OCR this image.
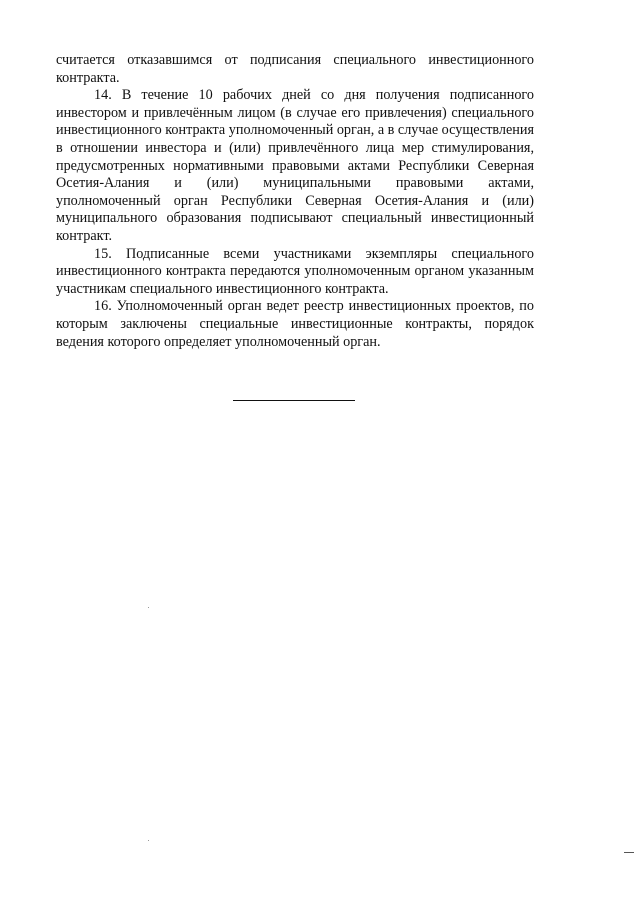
считается отказавшимся от подписания специального инвестиционного контракта.

14. В течение 10 рабочих дней со дня получения подписанного инвестором и привлечённым лицом (в случае его привлечения) специального инвестиционного контракта уполномоченный орган, а в случае осуществления в отношении инвестора и (или) привлечённого лица мер стимулирования, предусмотренных нормативными правовыми актами Республики Северная Осетия-Алания и (или) муниципальными правовыми актами, уполномоченный орган Республики Северная Осетия-Алания и (или) муниципального образования подписывают специальный инвестиционный контракт.

15. Подписанные всеми участниками экземпляры специального инвестиционного контракта передаются уполномоченным органом указанным участникам специального инвестиционного контракта.

16. Уполномоченный орган ведет реестр инвестиционных проектов, по которым заключены специальные инвестиционные контракты, порядок ведения которого определяет уполномоченный орган.
